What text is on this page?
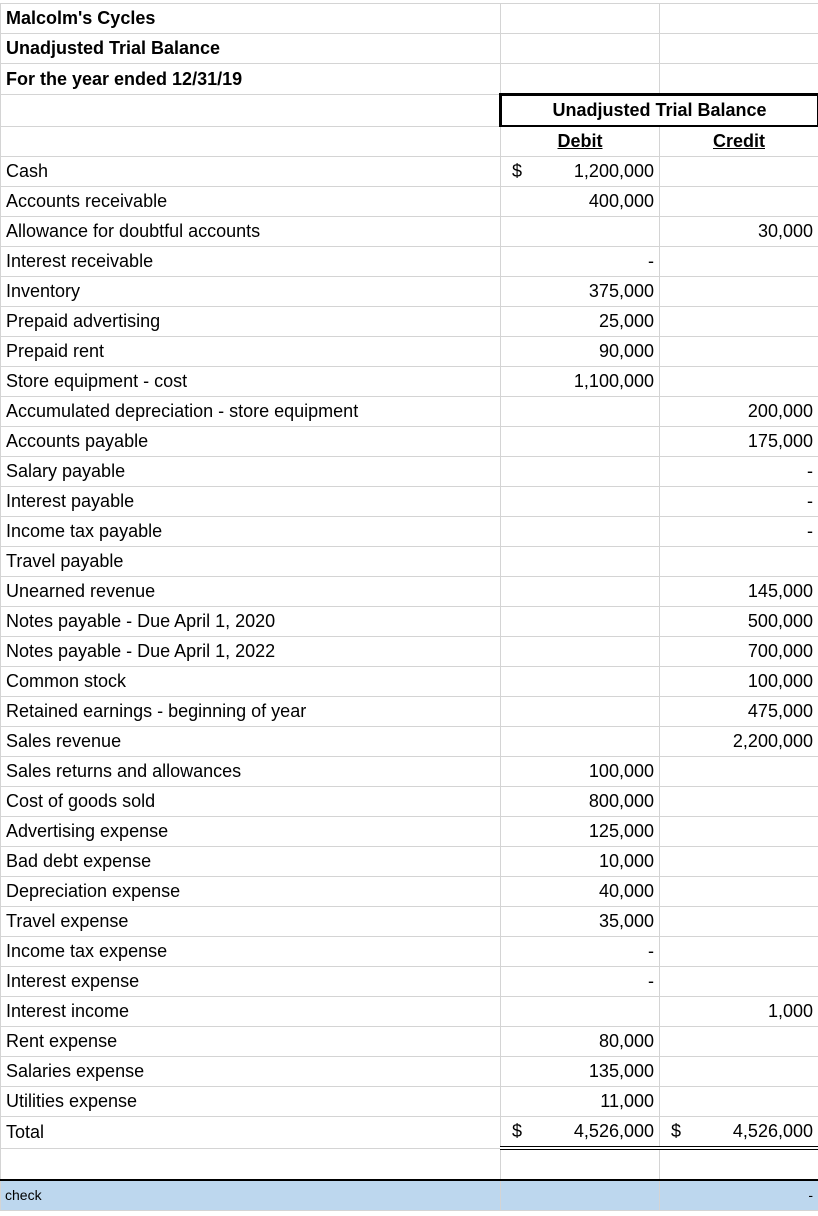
Malcolm's Cycles		
Unadjusted Trial Balance		
For the year ended 12/31/19		
	Unadjusted Trial Balance	
	Debit	Credit
Cash	$ 1,200,000	

Accounts receivable	400,000	
Allowance for doubtful accounts		30,000
Interest receivable	-	
Inventory	375,000	
Prepaid advertising	25,000	
Prepaid rent	90,000	
Store equipment - cost	1,100,000	
Accumulated depreciation - store equipment		200,000
Accounts payable		175,000
Salary payable		-
Interest payable		-
Income tax payable		-
Travel payable		
Unearned revenue		145,000
Notes payable - Due April 1, 2020		500,000
Notes payable - Due April 1, 2022		700,000
Common stock		100,000
Retained earnings - beginning of year		475,000
Sales revenue		2,200,000
Sales returns and allowances	100,000	
Cost of goods sold	800,000	
Advertising expense	125,000	
Bad debt expense	10,000	
Depreciation expense	40,000	
Travel expense	35,000	
Income tax expense	-	
Interest expense	-	
Interest income		1,000
Rent expense	80,000	
Salaries expense	135,000	
Utilities expense	11,000	
Total	$ 4,526,000	$ 4,526,000

check		-
